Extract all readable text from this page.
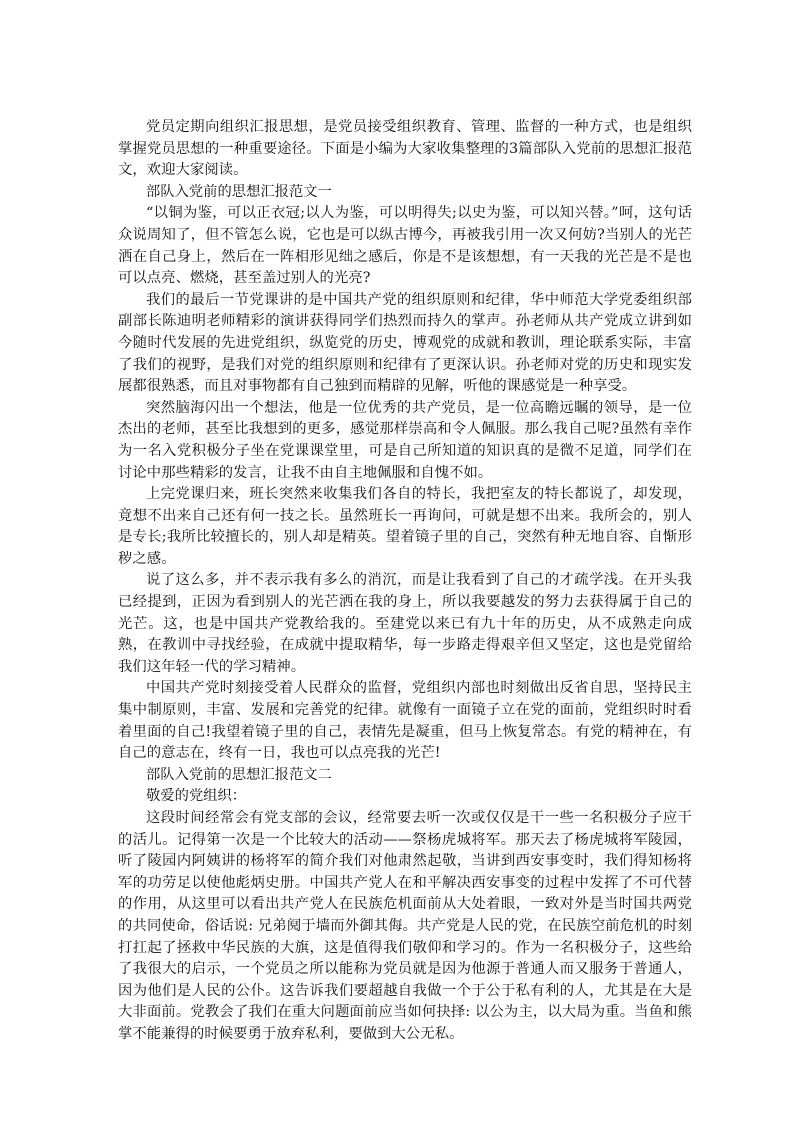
党员定期向组织汇报思想，是党员接受组织教育、管理、监督的一种方式，也是组织掌握党员思想的一种重要途径。下面是小编为大家收集整理的3篇部队入党前的思想汇报范文，欢迎大家阅读。

部队入党前的思想汇报范文一

“以铜为鉴，可以正衣冠;以人为鉴，可以明得失;以史为鉴，可以知兴替。”呵，这句话众说周知了，但不管怎么说，它也是可以纵古博今，再被我引用一次又何妨?当别人的光芒洒在自己身上，然后在一阵相形见绌之感后，你是不是该想想，有一天我的光芒是不是也可以点亮、燃烧，甚至盖过别人的光亮?

我们的最后一节党课讲的是中国共产党的组织原则和纪律，华中师范大学党委组织部副部长陈迪明老师精彩的演讲获得同学们热烈而持久的掌声。孙老师从共产党成立讲到如今随时代发展的先进党组织，纵览党的历史，博观党的成就和教训，理论联系实际，丰富了我们的视野，是我们对党的组织原则和纪律有了更深认识。孙老师对党的历史和现实发展都很熟悉，而且对事物都有自己独到而精辟的见解，听他的课感觉是一种享受。

突然脑海闪出一个想法，他是一位优秀的共产党员，是一位高瞻远瞩的领导，是一位杰出的老师，甚至比我想到的更多，感觉那样崇高和令人佩服。那么我自己呢?虽然有幸作为一名入党积极分子坐在党课课堂里，可是自己所知道的知识真的是微不足道，同学们在讨论中那些精彩的发言，让我不由自主地佩服和自愧不如。

上完党课归来，班长突然来收集我们各自的特长，我把室友的特长都说了，却发现，竟想不出来自己还有何一技之长。虽然班长一再询问，可就是想不出来。我所会的，别人是专长;我所比较擅长的，别人却是精英。望着镜子里的自己，突然有种无地自容、自惭形秽之感。

说了这么多，并不表示我有多么的消沉，而是让我看到了自己的才疏学浅。在开头我已经提到，正因为看到别人的光芒洒在我的身上，所以我要越发的努力去获得属于自己的光芒。这，也是中国共产党教给我的。至建党以来已有九十年的历史，从不成熟走向成熟，在教训中寻找经验，在成就中提取精华，每一步路走得艰辛但又坚定，这也是党留给我们这年轻一代的学习精神。

中国共产党时刻接受着人民群众的监督，党组织内部也时刻做出反省自思，坚持民主集中制原则，丰富、发展和完善党的纪律。就像有一面镜子立在党的面前，党组织时时看着里面的自己!我望着镜子里的自己，表情先是凝重，但马上恢复常态。有党的精神在，有自己的意志在，终有一日，我也可以点亮我的光芒!

部队入党前的思想汇报范文二

敬爱的党组织：

这段时间经常会有党支部的会议，经常要去听一次或仅仅是干一些一名积极分子应干的活儿。记得第一次是一个比较大的活动——祭杨虎城将军。那天去了杨虎城将军陵园，听了陵园内阿姨讲的杨将军的简介我们对他肃然起敬，当讲到西安事变时，我们得知杨将军的功劳足以使他彪炳史册。中国共产党人在和平解决西安事变的过程中发挥了不可代替的作用，从这里可以看出共产党人在民族危机面前从大处着眼，一致对外是当时国共两党的共同使命，俗话说: 兄弟阋于墙而外御其侮。共产党是人民的党，在民族空前危机的时刻打扛起了拯救中华民族的大旗，这是值得我们敬仰和学习的。作为一名积极分子，这些给了我很大的启示，一个党员之所以能称为党员就是因为他源于普通人而又服务于普通人，因为他们是人民的公仆。这告诉我们要超越自我做一个于公于私有利的人，尤其是在大是大非面前。党教会了我们在重大问题面前应当如何抉择: 以公为主，以大局为重。当鱼和熊掌不能兼得的时候要勇于放弃私利，要做到大公无私。
